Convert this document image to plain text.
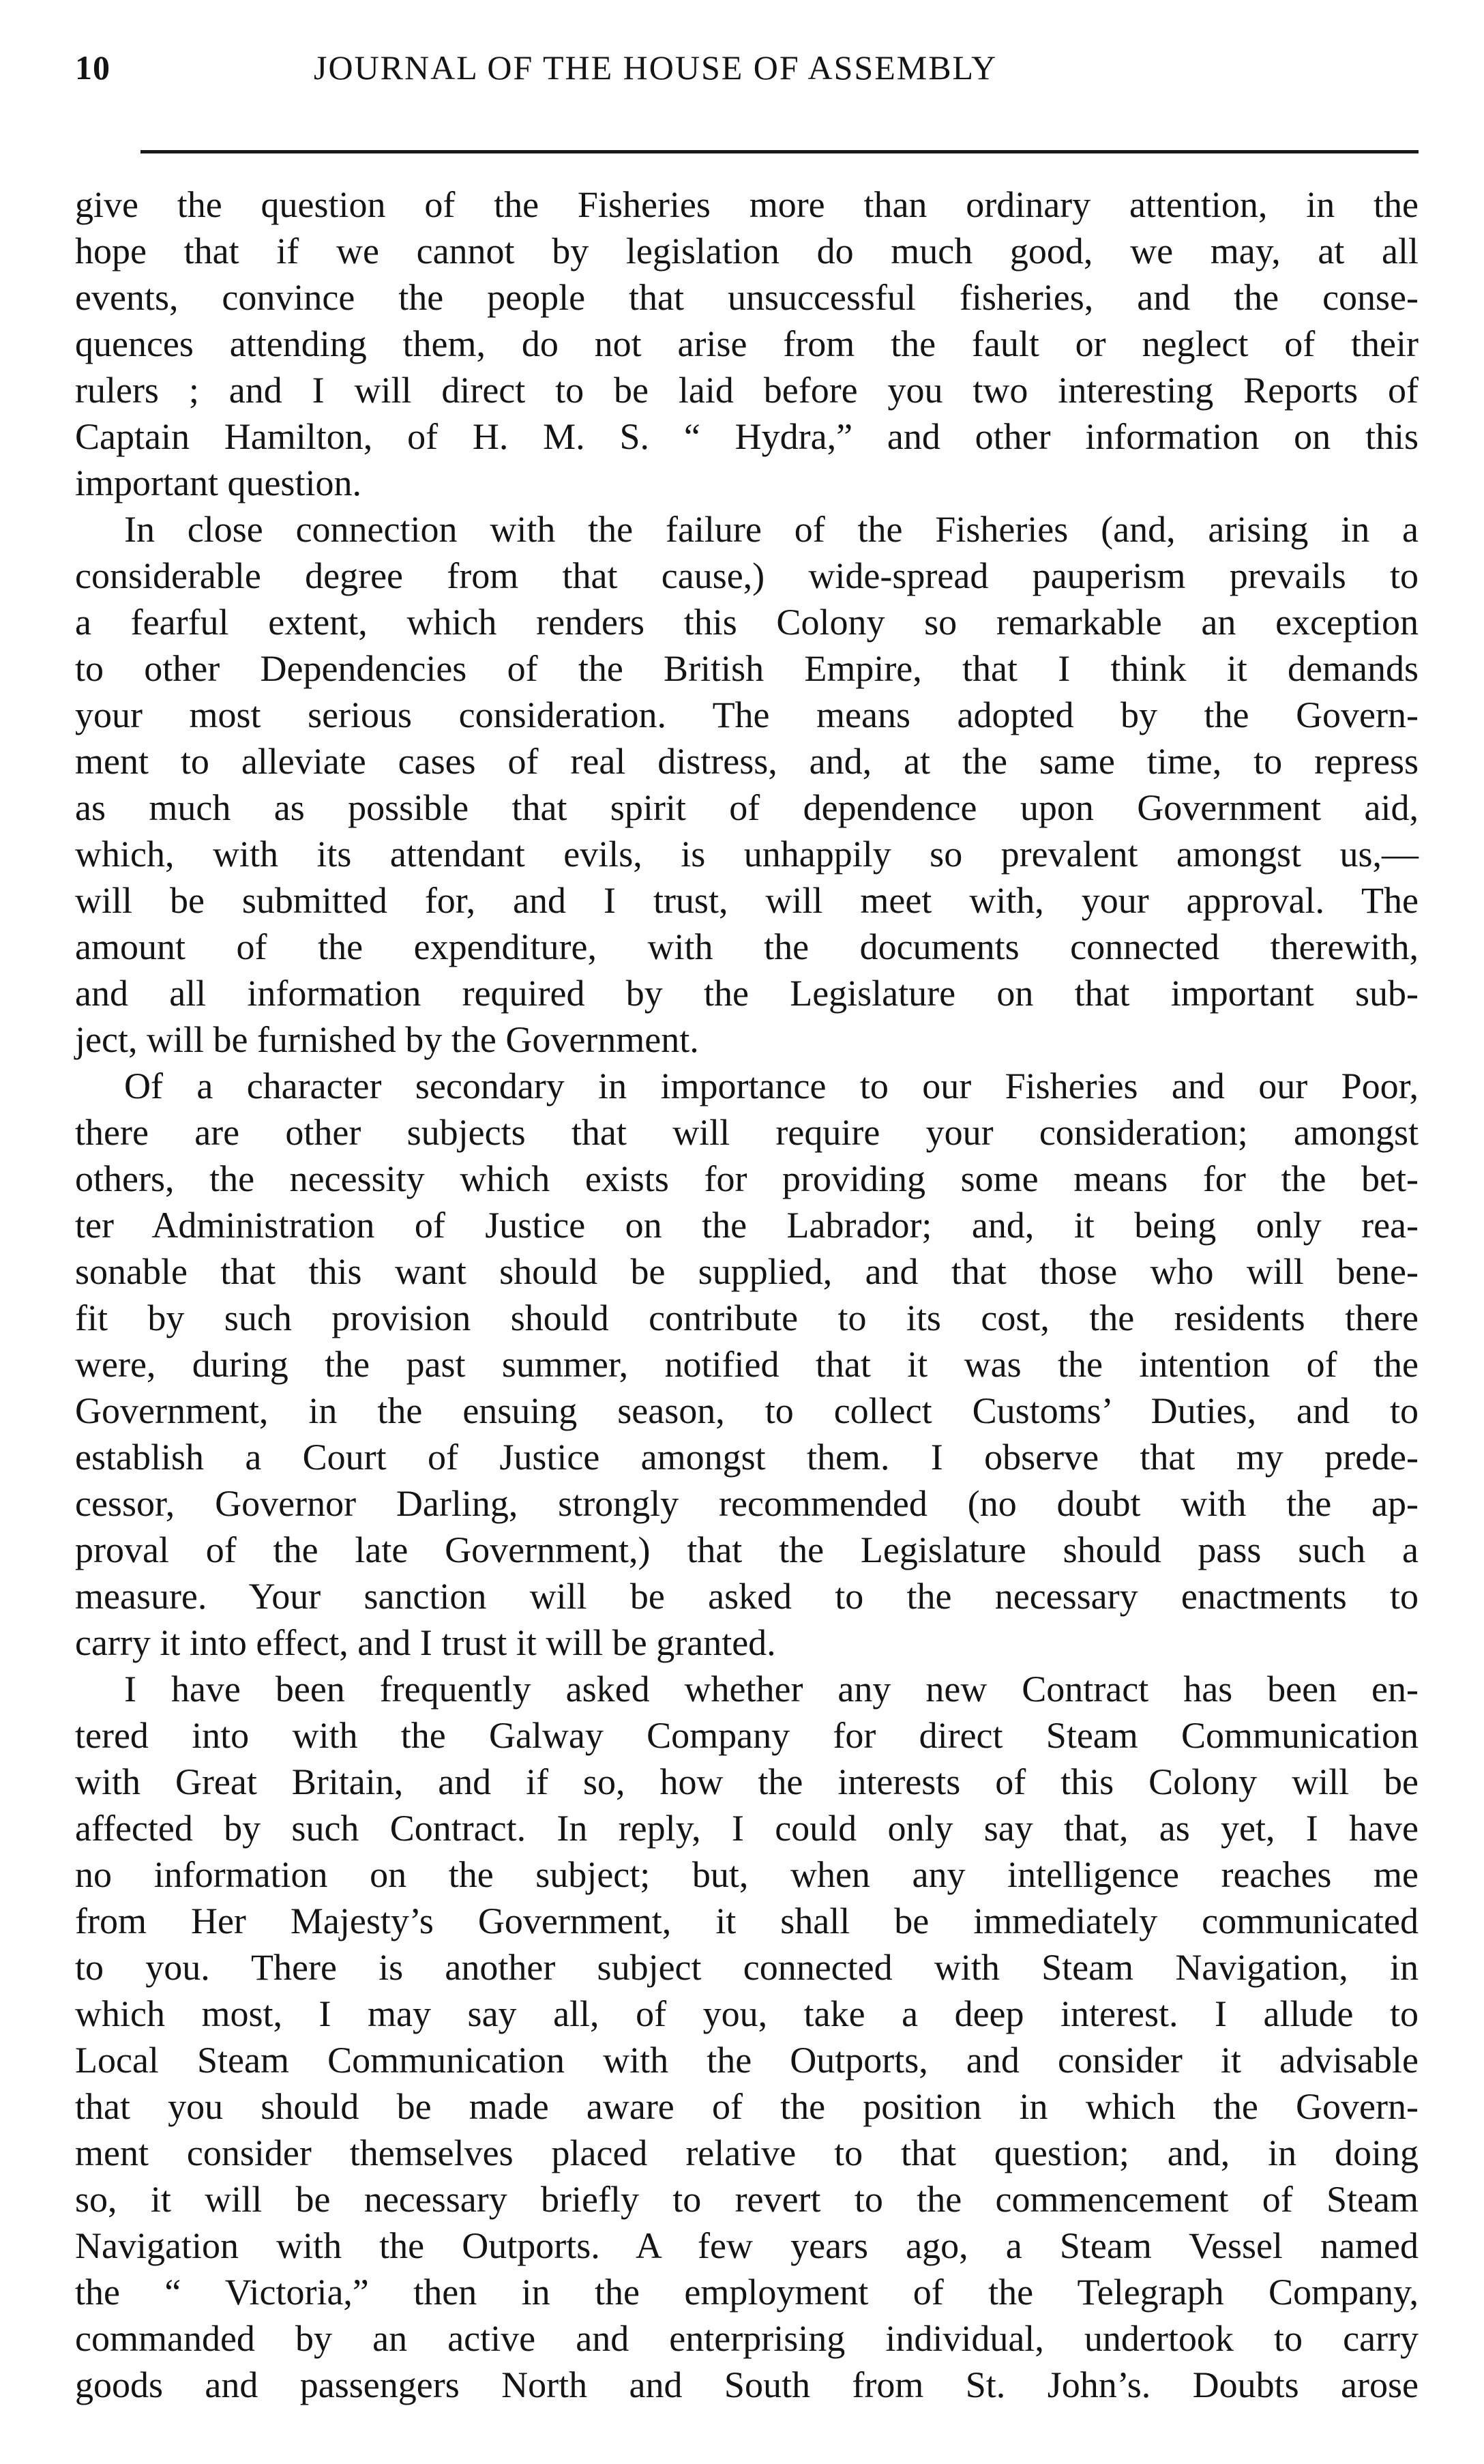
10	JOURNAL OF THE HOUSE OF ASSEMBLY
give the question of the Fisheries more than ordinary attention, in the
hope that if we cannot by legislation do much good, we may, at all
events, convince the people that unsuccessful fisheries, and the conse-
quences attending them, do not arise from the fault or neglect of their
rulers ; and I will direct to be laid before you two interesting Reports of
Captain Hamilton, of H. M. S. “ Hydra,” and other information on this
important question.
In close connection with the failure of the Fisheries (and, arising in a
considerable degree from that cause,) wide-spread pauperism prevails to
a fearful extent, which renders this Colony so remarkable an exception
to other Dependencies of the British Empire, that I think it demands
your most serious consideration. The means adopted by the Govern-
ment to alleviate cases of real distress, and, at the same time, to repress
as much as possible that spirit of dependence upon Government aid,
which, with its attendant evils, is unhappily so prevalent amongst us,—
will be submitted for, and I trust, will meet with, your approval. The
amount of the expenditure, with the documents connected therewith,
and all information required by the Legislature on that important sub-
ject, will be furnished by the Government.
Of a character secondary in importance to our Fisheries and our Poor,
there are other subjects that will require your consideration; amongst
others, the necessity which exists for providing some means for the bet-
ter Administration of Justice on the Labrador; and, it being only rea-
sonable that this want should be supplied, and that those who will bene-
fit by such provision should contribute to its cost, the residents there
were, during the past summer, notified that it was the intention of the
Government, in the ensuing season, to collect Customs’ Duties, and to
establish a Court of Justice amongst them. I observe that my prede-
cessor, Governor Darling, strongly recommended (no doubt with the ap-
proval of the late Government,) that the Legislature should pass such a
measure. Your sanction will be asked to the necessary enactments to
carry it into effect, and I trust it will be granted.
I have been frequently asked whether any new Contract has been en-
tered into with the Galway Company for direct Steam Communication
with Great Britain, and if so, how the interests of this Colony will be
affected by such Contract. In reply, I could only say that, as yet, I have
no information on the subject; but, when any intelligence reaches me
from Her Majesty’s Government, it shall be immediately communicated
to you. There is another subject connected with Steam Navigation, in
which most, I may say all, of you, take a deep interest. I allude to
Local Steam Communication with the Outports, and consider it advisable
that you should be made aware of the position in which the Govern-
ment consider themselves placed relative to that question; and, in doing
so, it will be necessary briefly to revert to the commencement of Steam
Navigation with the Outports. A few years ago, a Steam Vessel named
the “ Victoria,” then in the employment of the Telegraph Company,
commanded by an active and enterprising individual, undertook to carry
goods and passengers North and South from St. John’s. Doubts arose
